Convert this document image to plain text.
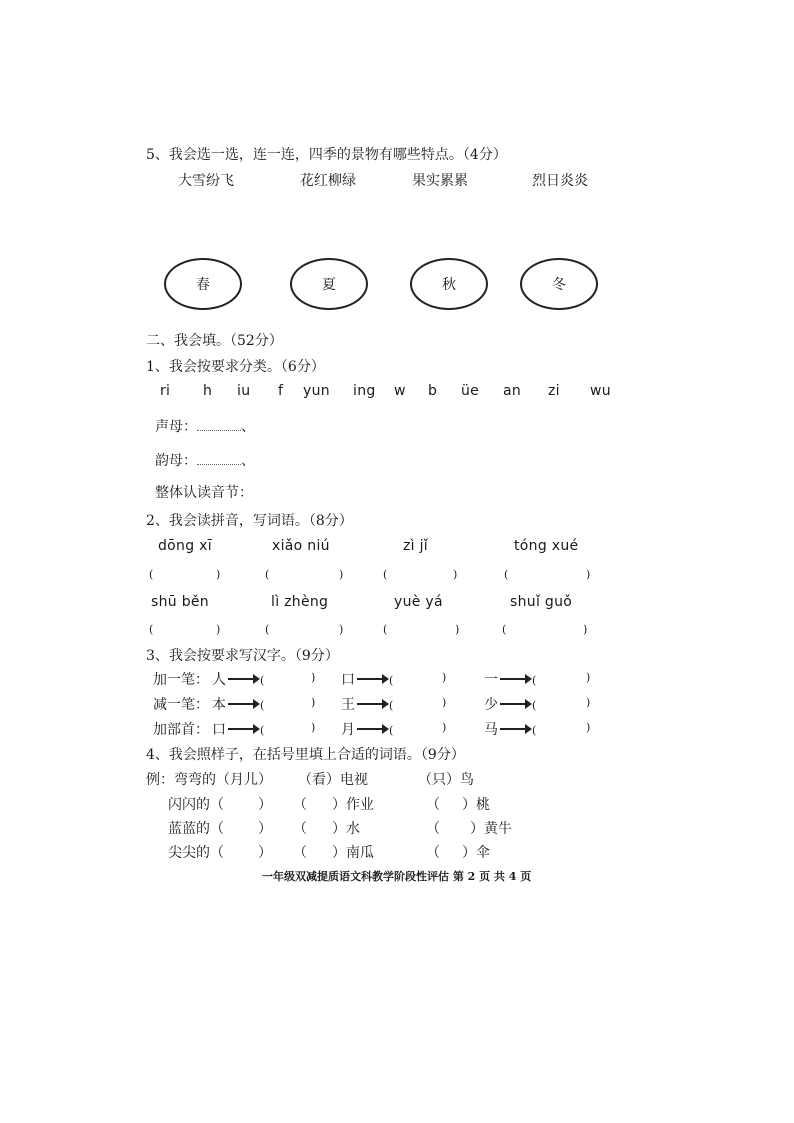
5、我会选一选，连一连，四季的景物有哪些特点。（4分）
大雪纷飞	花红柳绿	果实累累	烈日炎炎
春	夏	秋	冬
二、我会填。（52分）
1、我会按要求分类。（6分）
ri h iu f yun ing w b üe an zi wu
声母：	、
韵母：	、
整体认读音节：
2、我会读拼音，写词语。（8分）
dōng xī	xiǎo niú	zì jǐ	tóng xué
(	)	(	)	(	)	(	)
shū běn	lì zhèng	yuè yá	shuǐ guǒ
(	)	(	)	(	)	(	)
3、我会按要求写汉字。（9分）
加一笔： 人	(	) 口	(	)	一	(	)
减一笔： 本	(	) 王	(	)	少	(	)
加部首： 口	(	) 月	(	)	马	(	)
4、我会照样子，在括号里填上合适的词语。（9分）
例：弯弯的（月儿） （看）电视	（只）鸟
闪闪的（ ） （ ）作业	（ ）桃
蓝蓝的（ ） （ ）水	（ ）黄牛
尖尖的（ ） （ ）南瓜	（ ）伞
一年级双减提质语文科教学阶段性评估 第 2 页 共 4 页
